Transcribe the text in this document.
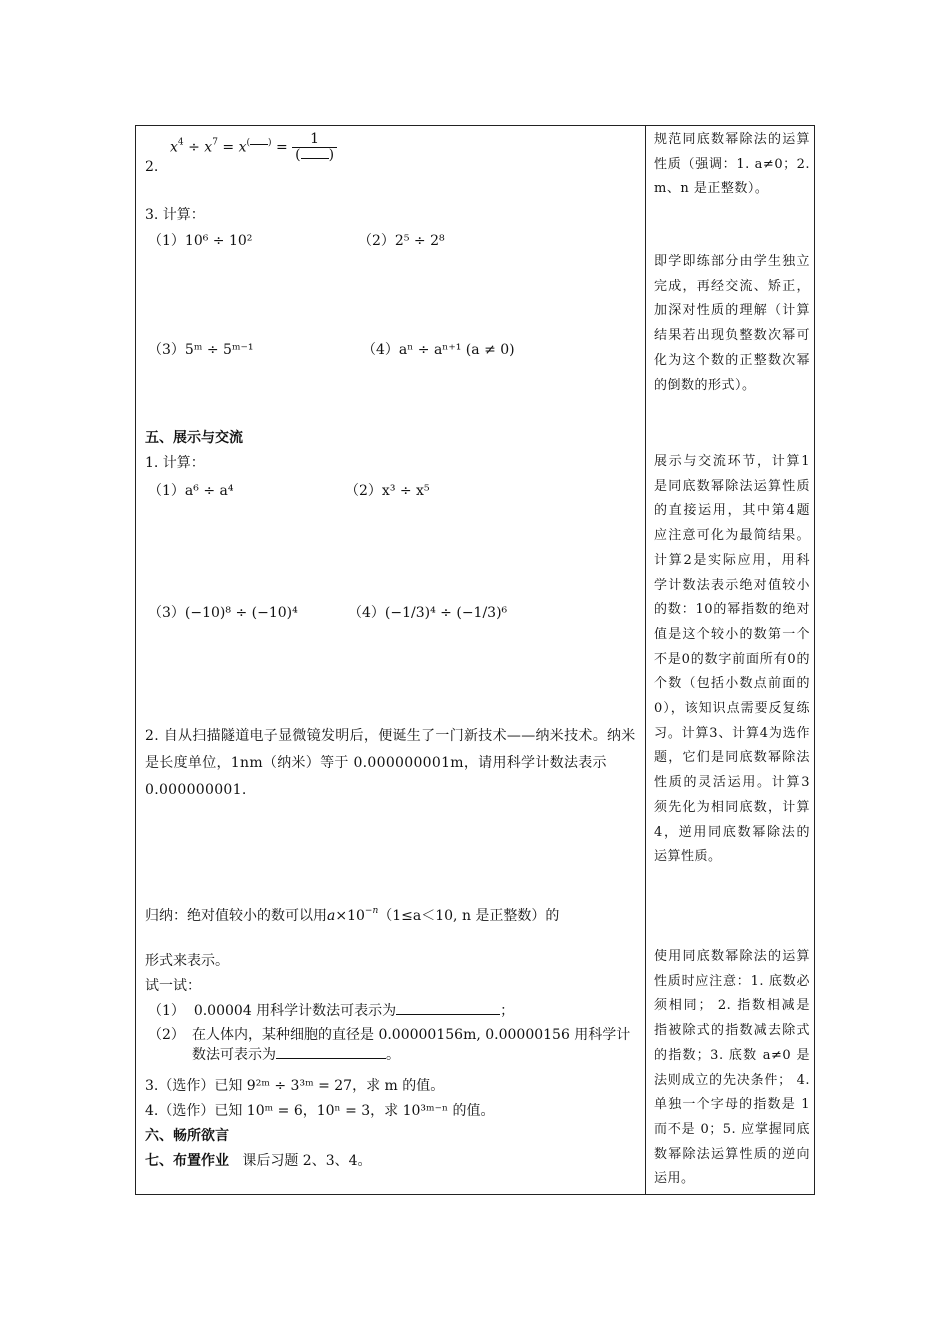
$x^4 \div x^7 = x^{( )} = \frac{1}{( )}$
2.
3. 计算：
（1）10⁶ ÷ 10²	（2）2⁵ ÷ 2⁸
（3）5ᵐ ÷ 5ᵐ⁻¹	（4）aⁿ ÷ aⁿ⁺¹ (a ≠ 0)
五、展示与交流
1. 计算：
（1）a⁶ ÷ a⁴	（2）x³ ÷ x⁵
（3）(−10)⁸ ÷ (−10)⁴	（4）(−1/3)⁴ ÷ (−1/3)⁶
2. 自从扫描隧道电子显微镜发明后，便诞生了一门新技术——纳米技术。纳米是长度单位，1nm（纳米）等于 0.000000001m，请用科学计数法表示 0.000000001.
归纳：绝对值较小的数可以用$a\times 10^{-n}(1\le a<10$, n 是正整数）的
形式来表示。
试一试：
（1） 0.00004 用科学计数法可表示为	；
（2） 在人体内，某种细胞的直径是 0.00000156m, 0.00000156 用科学计数法可表示为	。
3.（选作）已知 9²ᵐ ÷ 3³ᵐ = 27，求 m 的值。
4.（选作）已知 10ᵐ = 6，10ⁿ = 3，求 10³ᵐ⁻ⁿ 的值。
六、畅所欲言
七、布置作业 课后习题 2、3、4。
规范同底数幂除法的运算性质（强调：1. a≠0；2. m、n 是正整数）。
即学即练部分由学生独立完成，再经交流、矫正，加深对性质的理解（计算结果若出现负整数次幂可化为这个数的正整数次幂的倒数的形式）。
展示与交流环节，计算1是同底数幂除法运算性质的直接运用，其中第4题应注意可化为最简结果。计算2是实际应用，用科学计数法表示绝对值较小的数：10的幂指数的绝对值是这个较小的数第一个不是0的数字前面所有0的个数（包括小数点前面的0），该知识点需要反复练习。计算3、计算4为选作题，它们是同底数幂除法性质的灵活运用。计算3须先化为相同底数，计算4，逆用同底数幂除法的运算性质。
使用同底数幂除法的运算性质时应注意：1. 底数必须相同； 2. 指数相减是指被除式的指数减去除式的指数；3. 底数 a≠0 是法则成立的先决条件； 4. 单独一个字母的指数是 1 而不是 0；5. 应掌握同底数幂除法运算性质的逆向运用。
